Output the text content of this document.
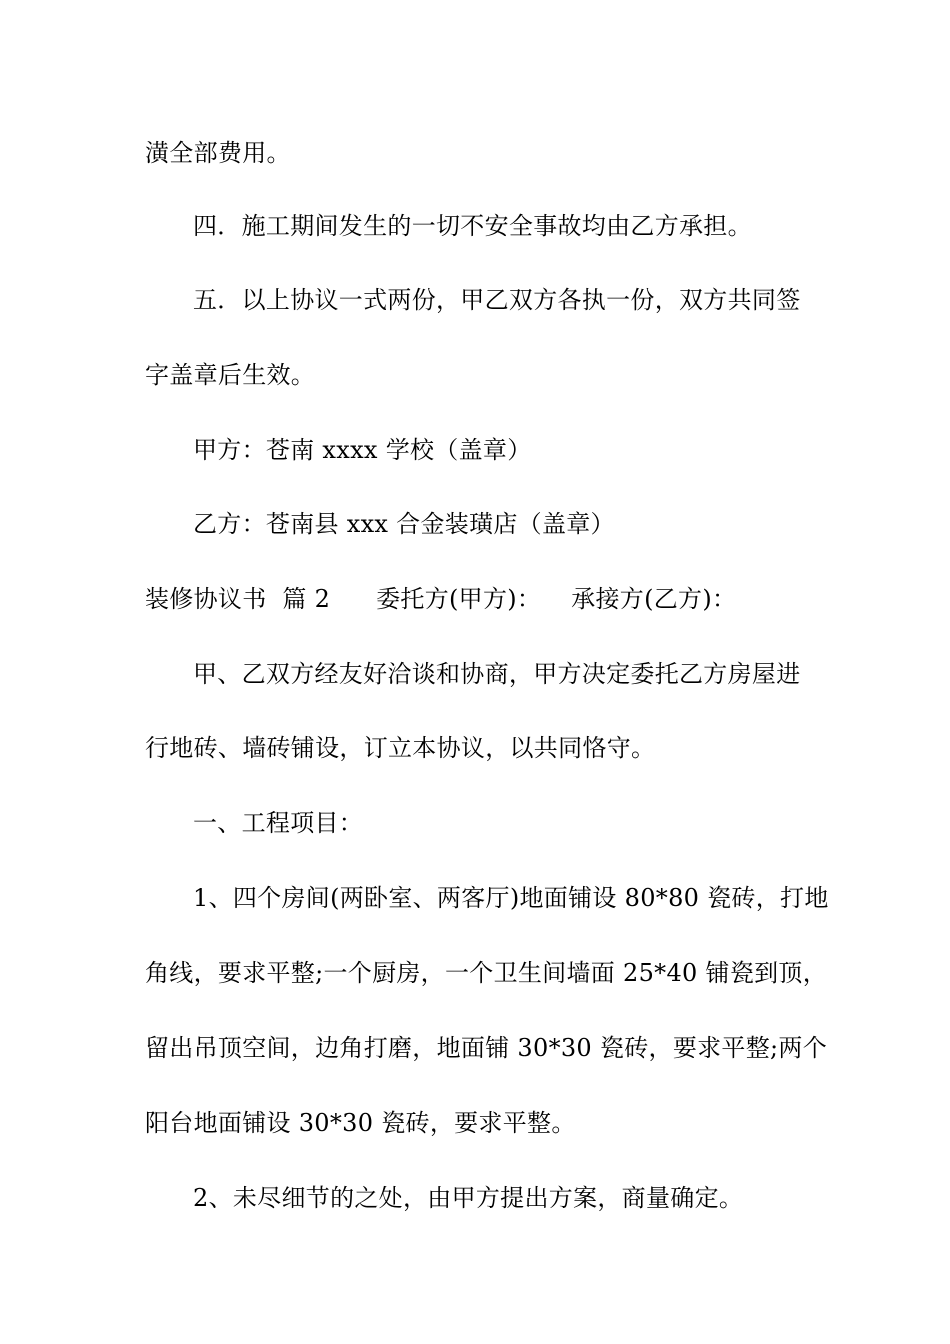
潢全部费用。
四．施工期间发生的一切不安全事故均由乙方承担。
五．以上协议一式两份，甲乙双方各执一份，双方共同签
字盖章后生效。
甲方：苍南 xxxx 学校（盖章）
乙方：苍南县 xxx 合金装璜店（盖章）
装修协议书  篇 2 委托方(甲方)： 承接方(乙方)：
甲、乙双方经友好洽谈和协商，甲方决定委托乙方房屋进
行地砖、墙砖铺设，订立本协议，以共同恪守。
一、工程项目：
1、四个房间(两卧室、两客厅)地面铺设 80*80 瓷砖，打地
角线，要求平整;一个厨房，一个卫生间墙面 25*40 铺瓷到顶，
留出吊顶空间，边角打磨，地面铺 30*30 瓷砖，要求平整;两个
阳台地面铺设 30*30 瓷砖，要求平整。
2、未尽细节的之处，由甲方提出方案，商量确定。
